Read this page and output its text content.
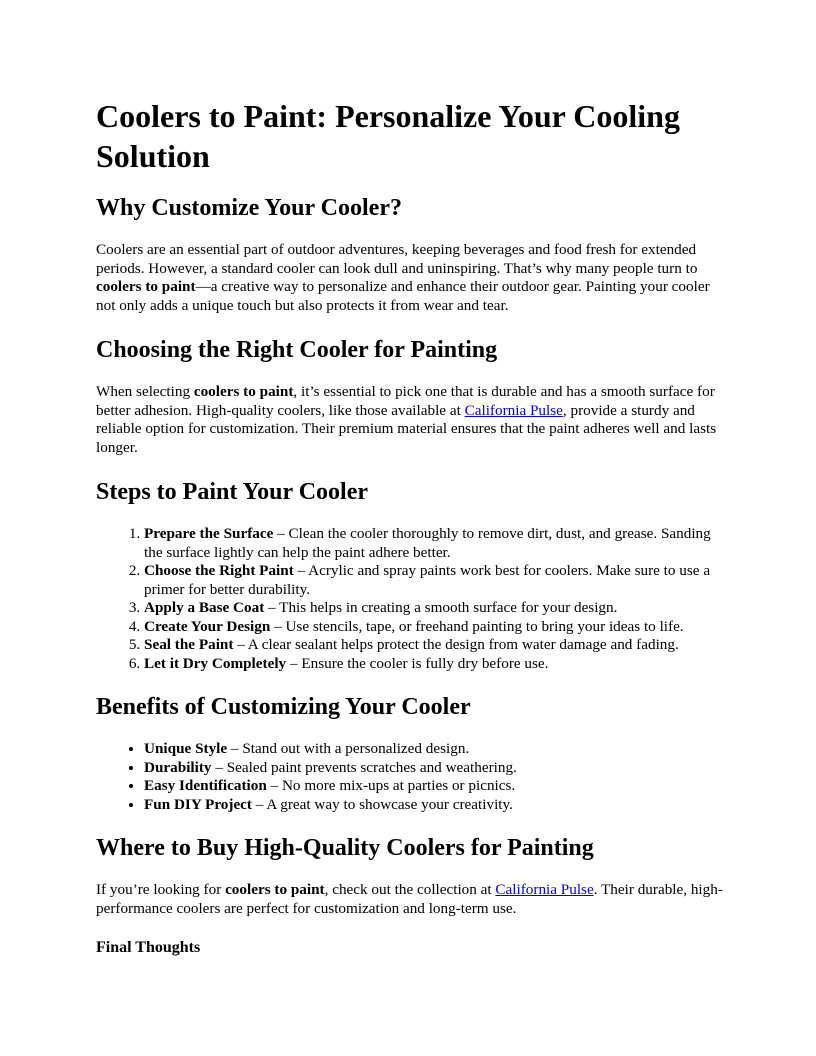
Coolers to Paint: Personalize Your Cooling Solution
Why Customize Your Cooler?

Coolers are an essential part of outdoor adventures, keeping beverages and food fresh for extended periods. However, a standard cooler can look dull and uninspiring. That’s why many people turn to coolers to paint—a creative way to personalize and enhance their outdoor gear. Painting your cooler not only adds a unique touch but also protects it from wear and tear.

Choosing the Right Cooler for Painting

When selecting coolers to paint, it’s essential to pick one that is durable and has a smooth surface for better adhesion. High-quality coolers, like those available at California Pulse, provide a sturdy and reliable option for customization. Their premium material ensures that the paint adheres well and lasts longer.

Steps to Paint Your Cooler
1. Prepare the Surface – Clean the cooler thoroughly to remove dirt, dust, and grease. Sanding the surface lightly can help the paint adhere better.
2. Choose the Right Paint – Acrylic and spray paints work best for coolers. Make sure to use a primer for better durability.
3. Apply a Base Coat – This helps in creating a smooth surface for your design.
4. Create Your Design – Use stencils, tape, or freehand painting to bring your ideas to life.
5. Seal the Paint – A clear sealant helps protect the design from water damage and fading.
6. Let it Dry Completely – Ensure the cooler is fully dry before use.
Benefits of Customizing Your Cooler
• Unique Style – Stand out with a personalized design.
• Durability – Sealed paint prevents scratches and weathering.
• Easy Identification – No more mix-ups at parties or picnics.
• Fun DIY Project – A great way to showcase your creativity.
Where to Buy High-Quality Coolers for Painting

If you’re looking for coolers to paint, check out the collection at California Pulse. Their durable, high-performance coolers are perfect for customization and long-term use.

Final Thoughts
